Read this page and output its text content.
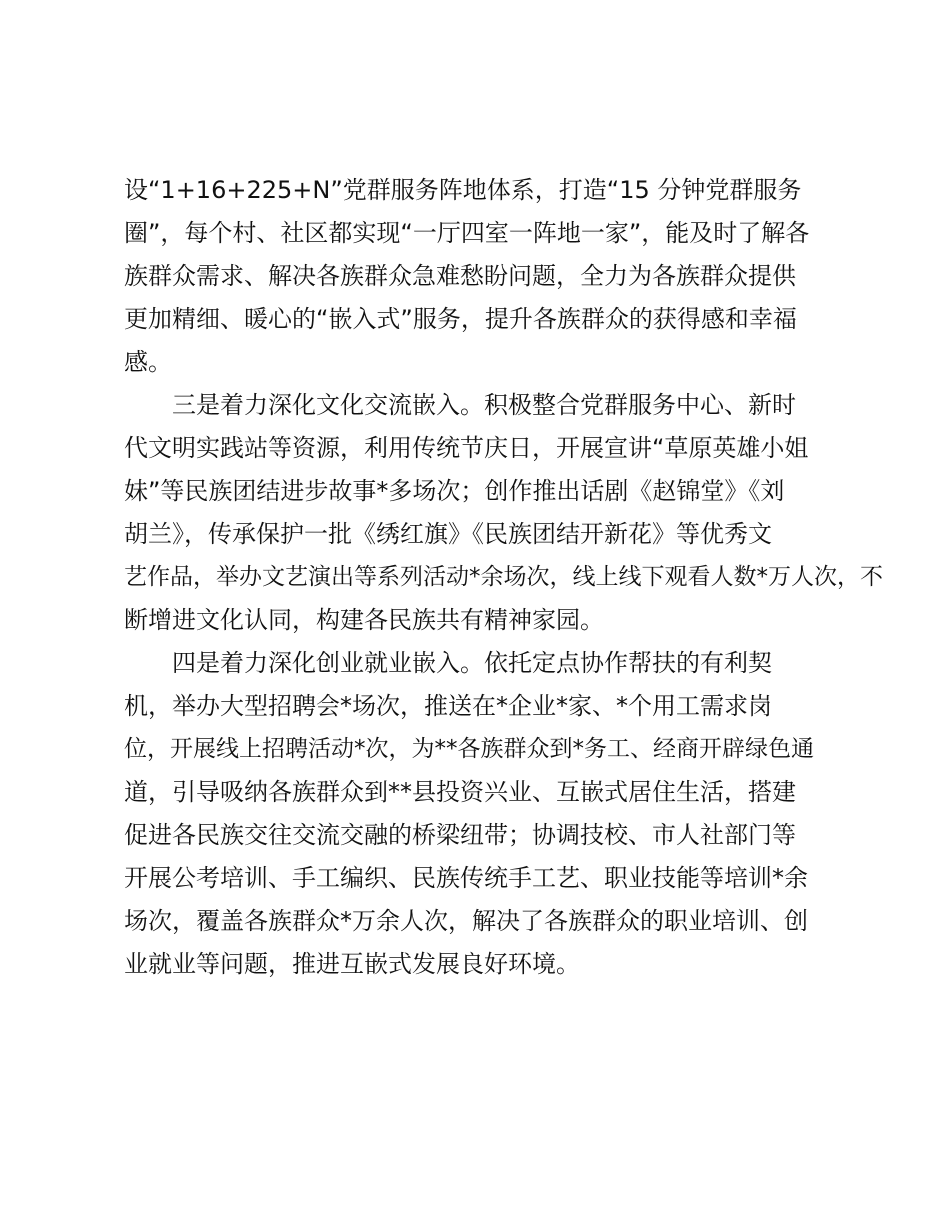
设“1+16+225+N”党群服务阵地体系，打造“15 分钟党群服务
圈”，每个村、社区都实现“一厅四室一阵地一家”，能及时了解各
族群众需求、解决各族群众急难愁盼问题，全力为各族群众提供
更加精细、暖心的“嵌入式”服务，提升各族群众的获得感和幸福
感。
三是着力深化文化交流嵌入。积极整合党群服务中心、新时
代文明实践站等资源，利用传统节庆日，开展宣讲“草原英雄小姐
妹”等民族团结进步故事*多场次；创作推出话剧《赵锦堂》《刘
胡兰》，传承保护一批《绣红旗》《民族团结开新花》等优秀文
艺作品，举办文艺演出等系列活动*余场次，线上线下观看人数*万人次，不
断增进文化认同，构建各民族共有精神家园。
四是着力深化创业就业嵌入。依托定点协作帮扶的有利契
机，举办大型招聘会*场次，推送在*企业*家、*个用工需求岗
位，开展线上招聘活动*次，为**各族群众到*务工、经商开辟绿色通
道，引导吸纳各族群众到**县投资兴业、互嵌式居住生活，搭建
促进各民族交往交流交融的桥梁纽带；协调技校、市人社部门等
开展公考培训、手工编织、民族传统手工艺、职业技能等培训*余
场次，覆盖各族群众*万余人次，解决了各族群众的职业培训、创
业就业等问题，推进互嵌式发展良好环境。
